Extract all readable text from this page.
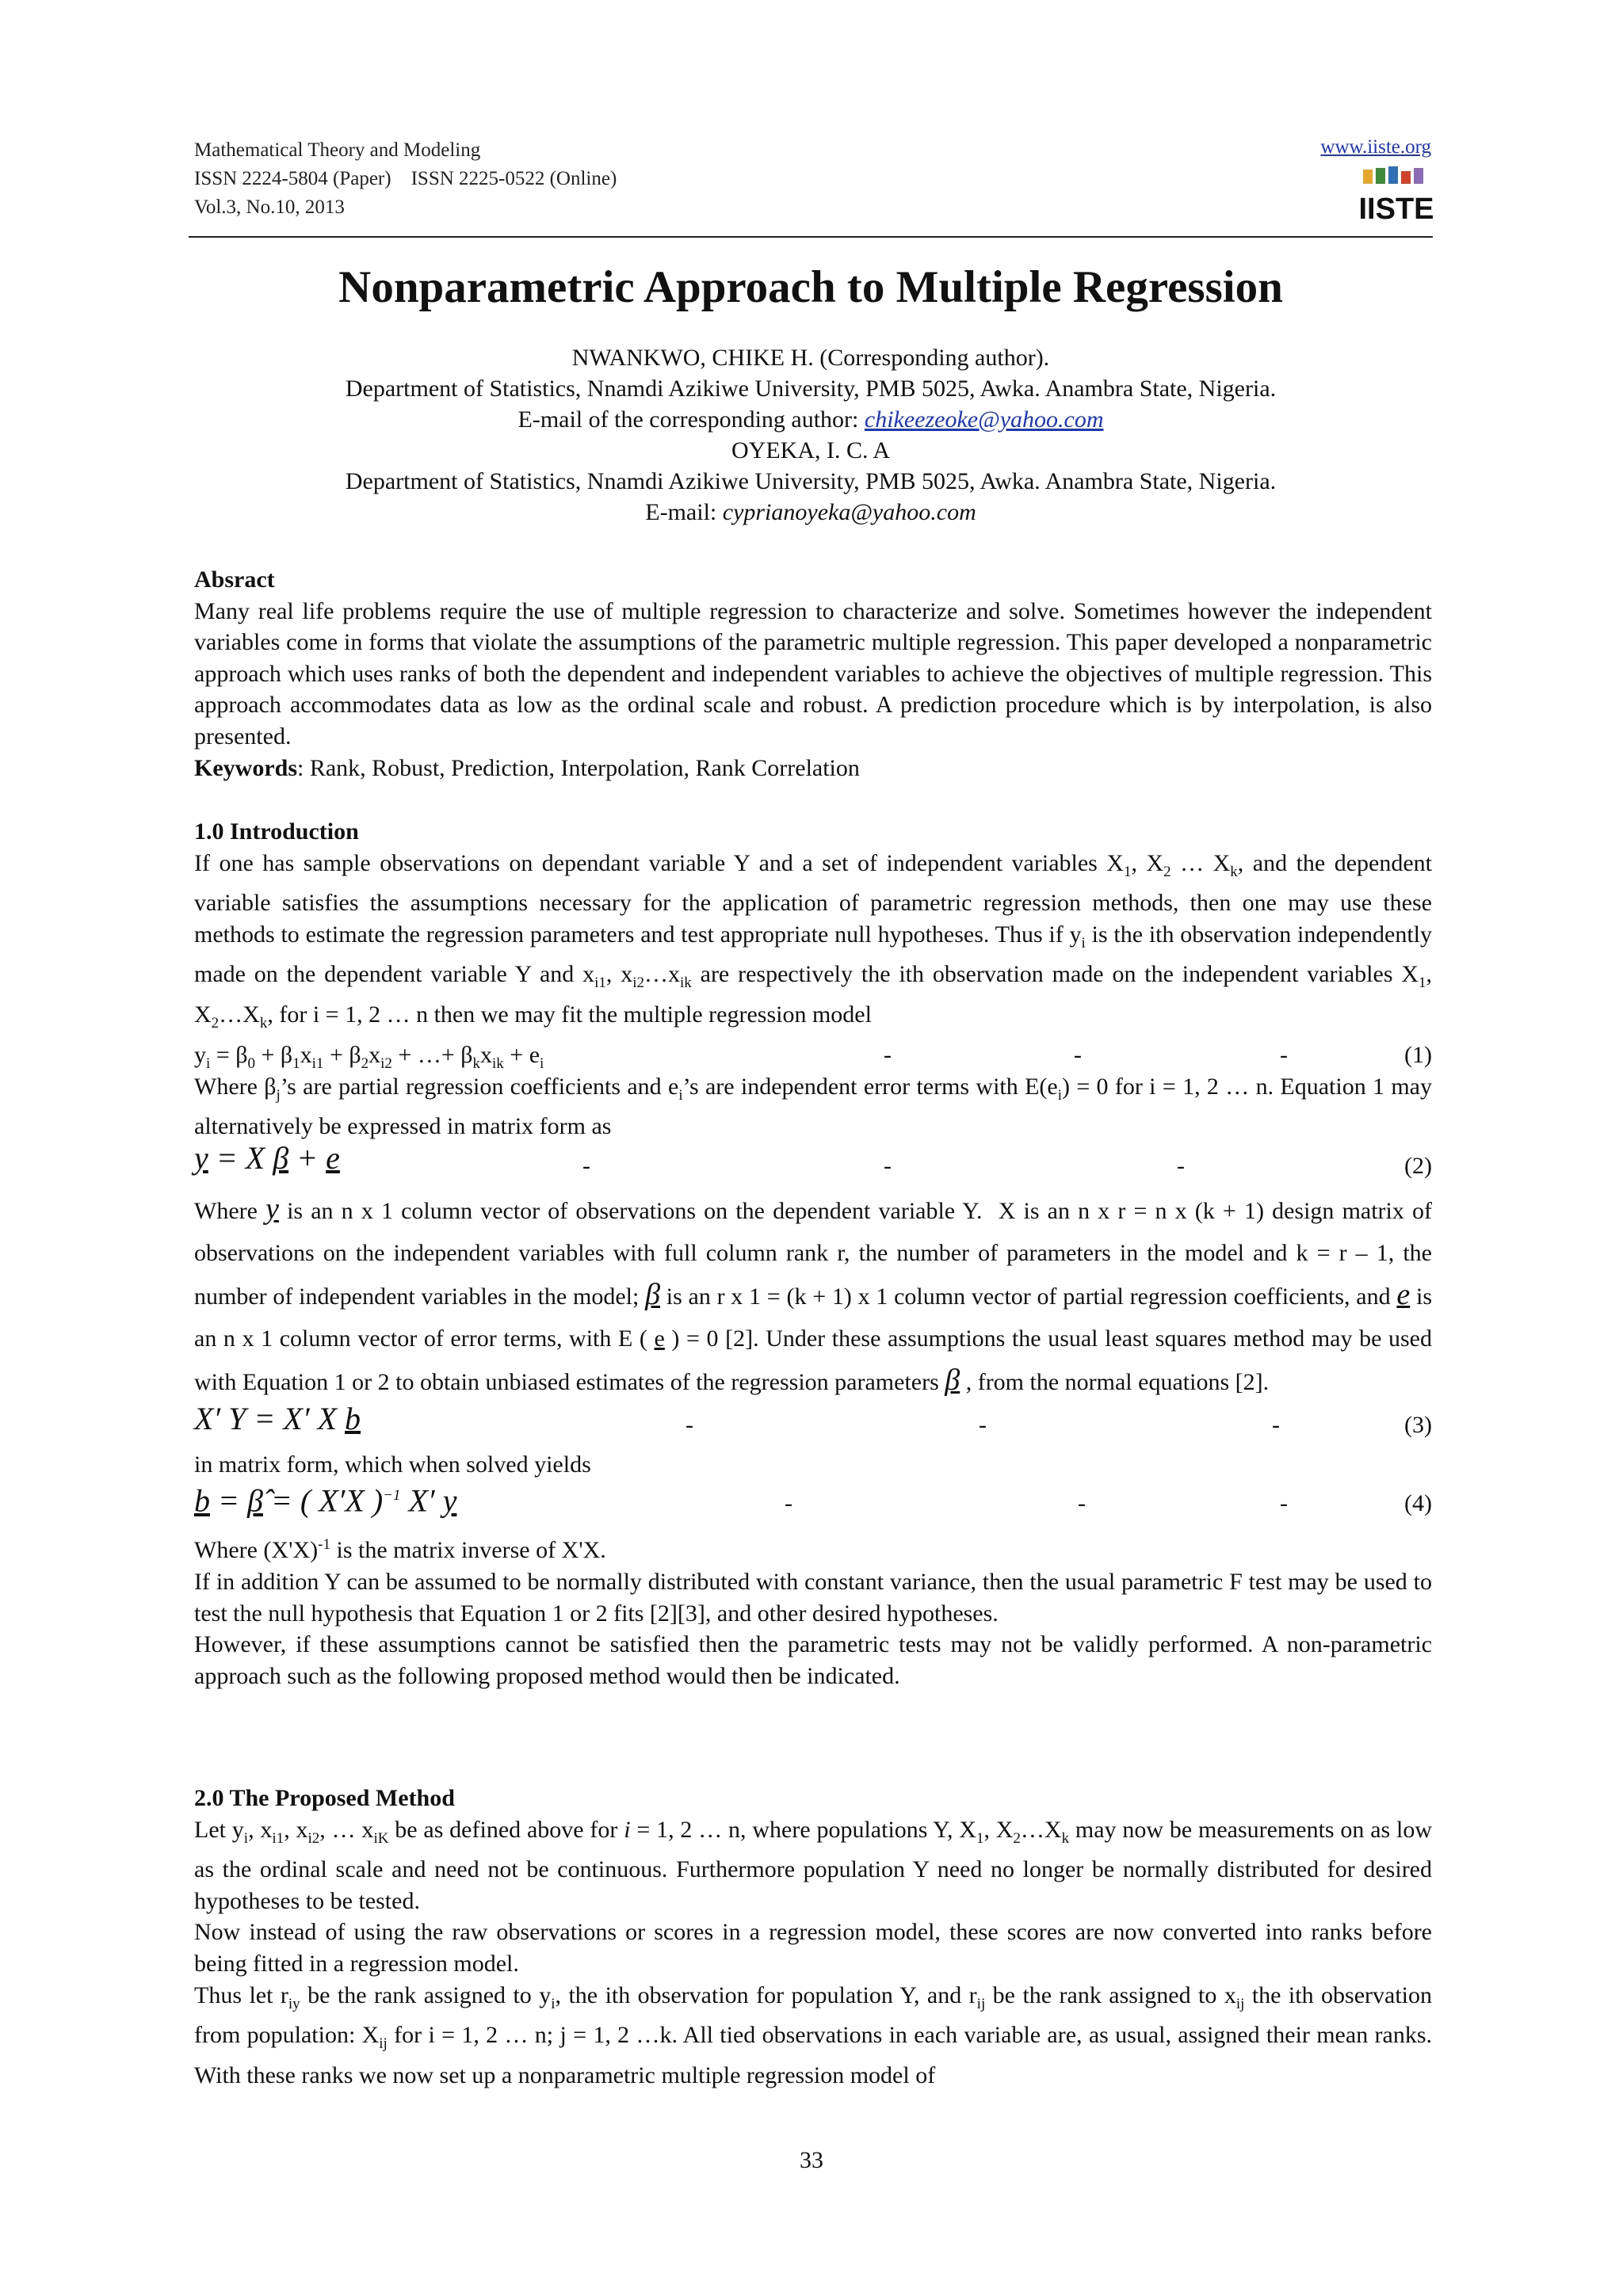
Mathematical Theory and Modeling
ISSN 2224-5804 (Paper)    ISSN 2225-0522 (Online)
Vol.3, No.10, 2013
www.iiste.org
IISTE
Nonparametric Approach to Multiple Regression
NWANKWO, CHIKE H. (Corresponding author).
Department of Statistics, Nnamdi Azikiwe University, PMB 5025, Awka. Anambra State, Nigeria.
E-mail of the corresponding author: chikeezeoke@yahoo.com
OYEKA, I. C. A
Department of Statistics, Nnamdi Azikiwe University, PMB 5025, Awka. Anambra State, Nigeria.
E-mail: cyprianoyeka@yahoo.com
Absract
Many real life problems require the use of multiple regression to characterize and solve. Sometimes however the independent variables come in forms that violate the assumptions of the parametric multiple regression. This paper developed a nonparametric approach which uses ranks of both the dependent and independent variables to achieve the objectives of multiple regression. This approach accommodates data as low as the ordinal scale and robust. A prediction procedure which is by interpolation, is also presented.
Keywords: Rank, Robust, Prediction, Interpolation, Rank Correlation
1.0 Introduction
If one has sample observations on dependant variable Y and a set of independent variables $X_1$, $X_2$ … $X_k$, and the dependent variable satisfies the assumptions necessary for the application of parametric regression methods, then one may use these methods to estimate the regression parameters and test appropriate null hypotheses. Thus if $y_i$ is the ith observation independently made on the dependent variable Y and $x_{i1}$, $x_{i2}\dots x_{ik}$ are respectively the ith observation made on the independent variables $X_1$, $X_2\dots X_k$, for i = 1, 2 … n then we may fit the multiple regression model
$y_i = \beta_0 + \beta_1x_{i1} + \beta_2x_{i2}$ + …+ $\beta_kx_{ik} + e_i$	-	-	-	(1)
Where $\beta_j’s$ are partial regression coefficients and $e_i’s$ are independent error terms with $E(e_i) = 0$ for i = 1, 2 … n. Equation 1 may alternatively be expressed in matrix form as
y = X β + e	-	-	-	(2)
Where y is an n x 1 column vector of observations on the dependent variable Y.  X is an n x r = n x (k + 1) design matrix of observations on the independent variables with full column rank r, the number of parameters in the model and k = r – 1, the number of independent variables in the model; β is an r x 1 = (k + 1) x 1 column vector of partial regression coefficients, and e is an n x 1 column vector of error terms, with E ( e ) = 0 [2]. Under these assumptions the usual least squares method may be used with Equation 1 or 2 to obtain unbiased estimates of the regression parameters β , from the normal equations [2].
X′ Y = X′ X b	-	-	-	(3)
in matrix form, which when solved yields
b = β̂ = ( X′X )$^{-1}$ X′ y	-	-	-	(4)
Where $(X'X)^{-1}$ is the matrix inverse of X'X.
If in addition Y can be assumed to be normally distributed with constant variance, then the usual parametric F test may be used to test the null hypothesis that Equation 1 or 2 fits [2][3], and other desired hypotheses.
However, if these assumptions cannot be satisfied then the parametric tests may not be validly performed. A non-parametric approach such as the following proposed method would then be indicated.
2.0 The Proposed Method
Let $y_i$, $x_{i1}$, $x_{i2}$, … $x_{iK}$ be as defined above for i = 1, 2 … n, where populations Y, $X_1$, $X_2\dots X_k$ may now be measurements on as low as the ordinal scale and need not be continuous. Furthermore population Y need no longer be normally distributed for desired hypotheses to be tested.
Now instead of using the raw observations or scores in a regression model, these scores are now converted into ranks before being fitted in a regression model.
Thus let $r_{iy}$ be the rank assigned to $y_i$, the ith observation for population Y, and $r_{ij}$ be the rank assigned to $x_{ij}$ the ith observation from population: $X_{ij}$ for i = 1, 2 … n; j = 1, 2 …k. All tied observations in each variable are, as usual, assigned their mean ranks. With these ranks we now set up a nonparametric multiple regression model of
33
